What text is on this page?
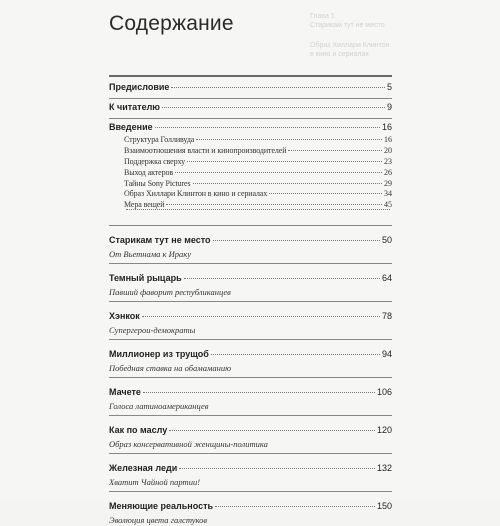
Глава 1
Старикам тут не место
Образ Хиллари Клинтон
в кино и сериалах
Содержание
Предисловие	5
К читателю	9
Введение	16
Структура Голливуда	16
Взаимоотношения власти и кинопроизводителей	20
Поддержка сверху	23
Выход актеров	26
Тайны Sony Pictures	29
Образ Хиллари Клинтон в кино и сериалах	34
Мера вещей	45
Старикам тут не место	50
От Вьетнама к Ираку
Темный рыцарь	64
Павший фаворит республиканцев
Хэнкок	78
Супергерои-демократы
Миллионер из трущоб	94
Победная ставка на обамаманию
Мачете	106
Голоса латиноамериканцев
Как по маслу	120
Образ консервативной женщины-политика
Железная леди	132
Хватит Чайной партии!
Меняющие реальность	150
Эволюция цвета галстуков
